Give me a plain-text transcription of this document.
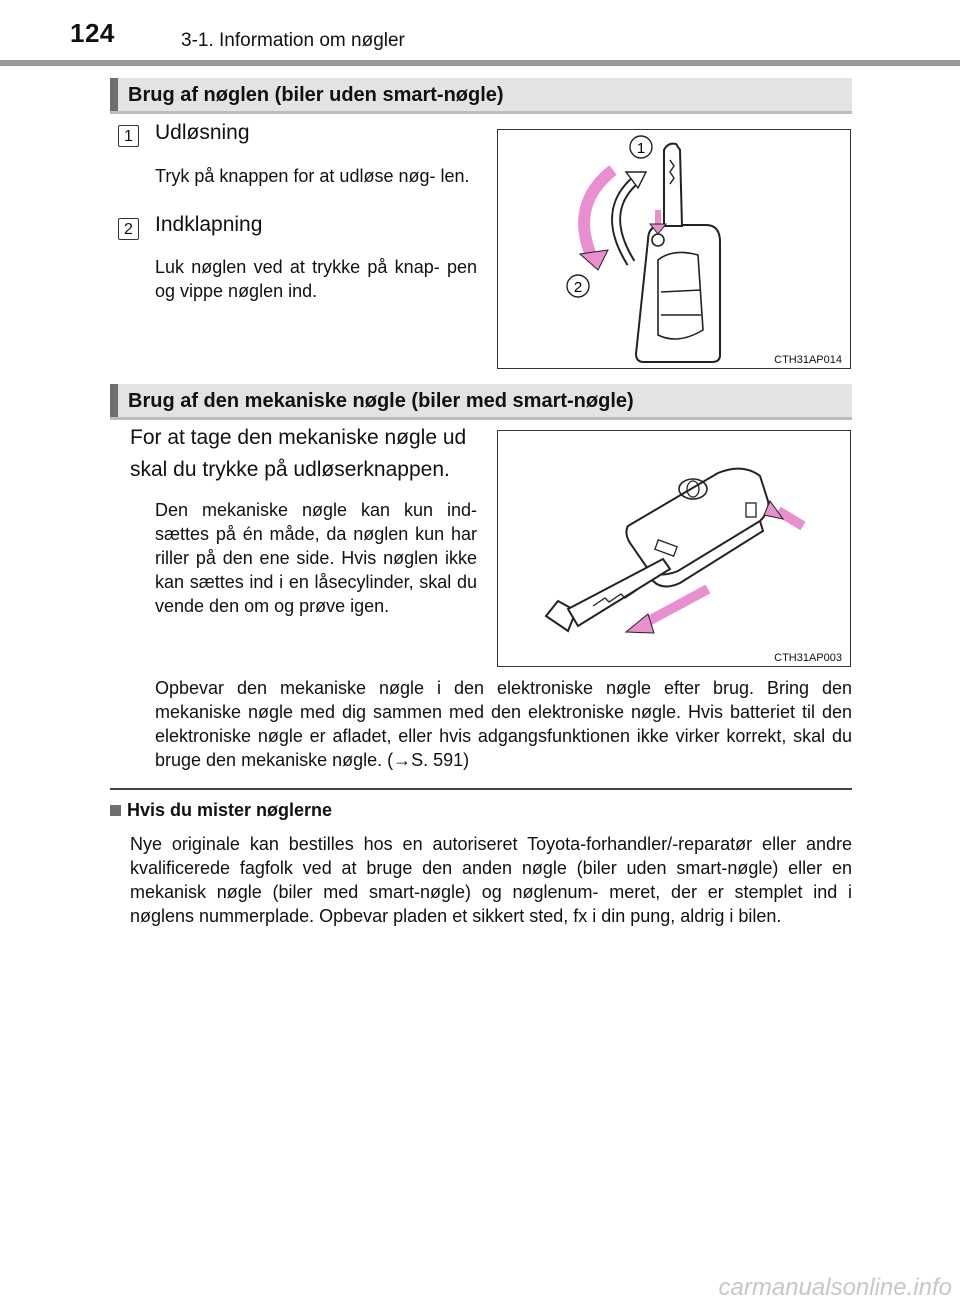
124	3-1. Information om nøgler
Brug af nøglen (biler uden smart-nøgle)
1 Udløsning
Tryk på knappen for at udløse nøg- len.
2 Indklapning
Luk nøglen ved at trykke på knap- pen og vippe nøglen ind.
1
2
CTH31AP014
Brug af den mekaniske nøgle (biler med smart-nøgle)
For at tage den mekaniske nøgle ud skal du trykke på udløserknappen.
Den mekaniske nøgle kan kun ind- sættes på én måde, da nøglen kun har riller på den ene side. Hvis nøglen ikke kan sættes ind i en låsecylinder, skal du vende den om og prøve igen.
CTH31AP003
Opbevar den mekaniske nøgle i den elektroniske nøgle efter brug. Bring den mekaniske nøgle med dig sammen med den elektroniske nøgle. Hvis batteriet til den elektroniske nøgle er afladet, eller hvis adgangsfunktionen ikke virker korrekt, skal du bruge den mekaniske nøgle. (→S. 591)
Hvis du mister nøglerne
Nye originale kan bestilles hos en autoriseret Toyota-forhandler/-reparatør eller andre kvalificerede fagfolk ved at bruge den anden nøgle (biler uden smart-nøgle) eller en mekanisk nøgle (biler med smart-nøgle) og nøglenum- meret, der er stemplet ind i nøglens nummerplade. Opbevar pladen et sikkert sted, fx i din pung, aldrig i bilen.
carmanualsonline.info
